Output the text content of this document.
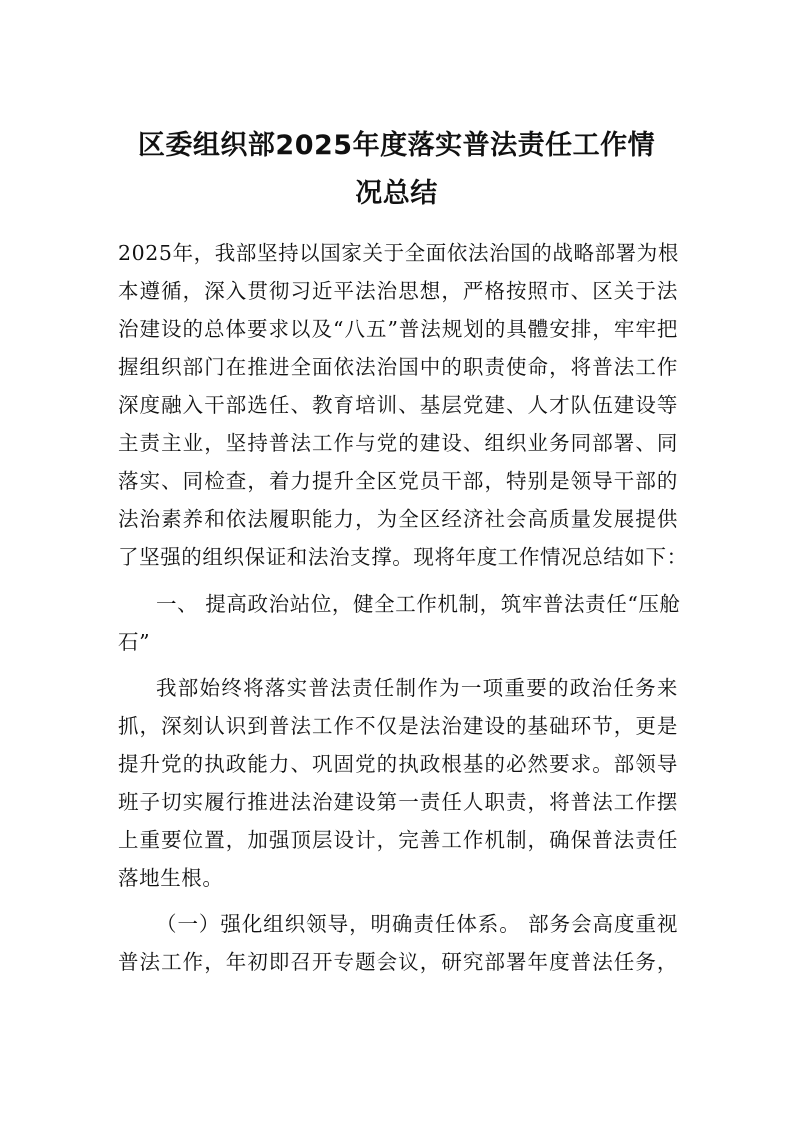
区委组织部2025年度落实普法责任工作情
况总结

2025年，我部坚持以国家关于全面依法治国的战略部署为根

本遵循，深入贯彻习近平法治思想，严格按照市、区关于法

治建设的总体要求以及“八五”普法规划的具體安排，牢牢把

握组织部门在推进全面依法治国中的职责使命，将普法工作

深度融入干部选任、教育培训、基层党建、人才队伍建设等

主责主业，坚持普法工作与党的建设、组织业务同部署、同

落实、同检查，着力提升全区党员干部，特别是领导干部的

法治素养和依法履职能力，为全区经济社会高质量发展提供

了坚强的组织保证和法治支撑。现将年度工作情况总结如下：

一、 提高政治站位，健全工作机制，筑牢普法责任“压舱

石”

我部始终将落实普法责任制作为一项重要的政治任务来

抓，深刻认识到普法工作不仅是法治建设的基础环节，更是

提升党的执政能力、巩固党的执政根基的必然要求。部领导

班子切实履行推进法治建设第一责任人职责，将普法工作摆

上重要位置，加强顶层设计，完善工作机制，确保普法责任

落地生根。

（一）强化组织领导，明确责任体系。 部务会高度重视

普法工作，年初即召开专题会议，研究部署年度普法任务，
